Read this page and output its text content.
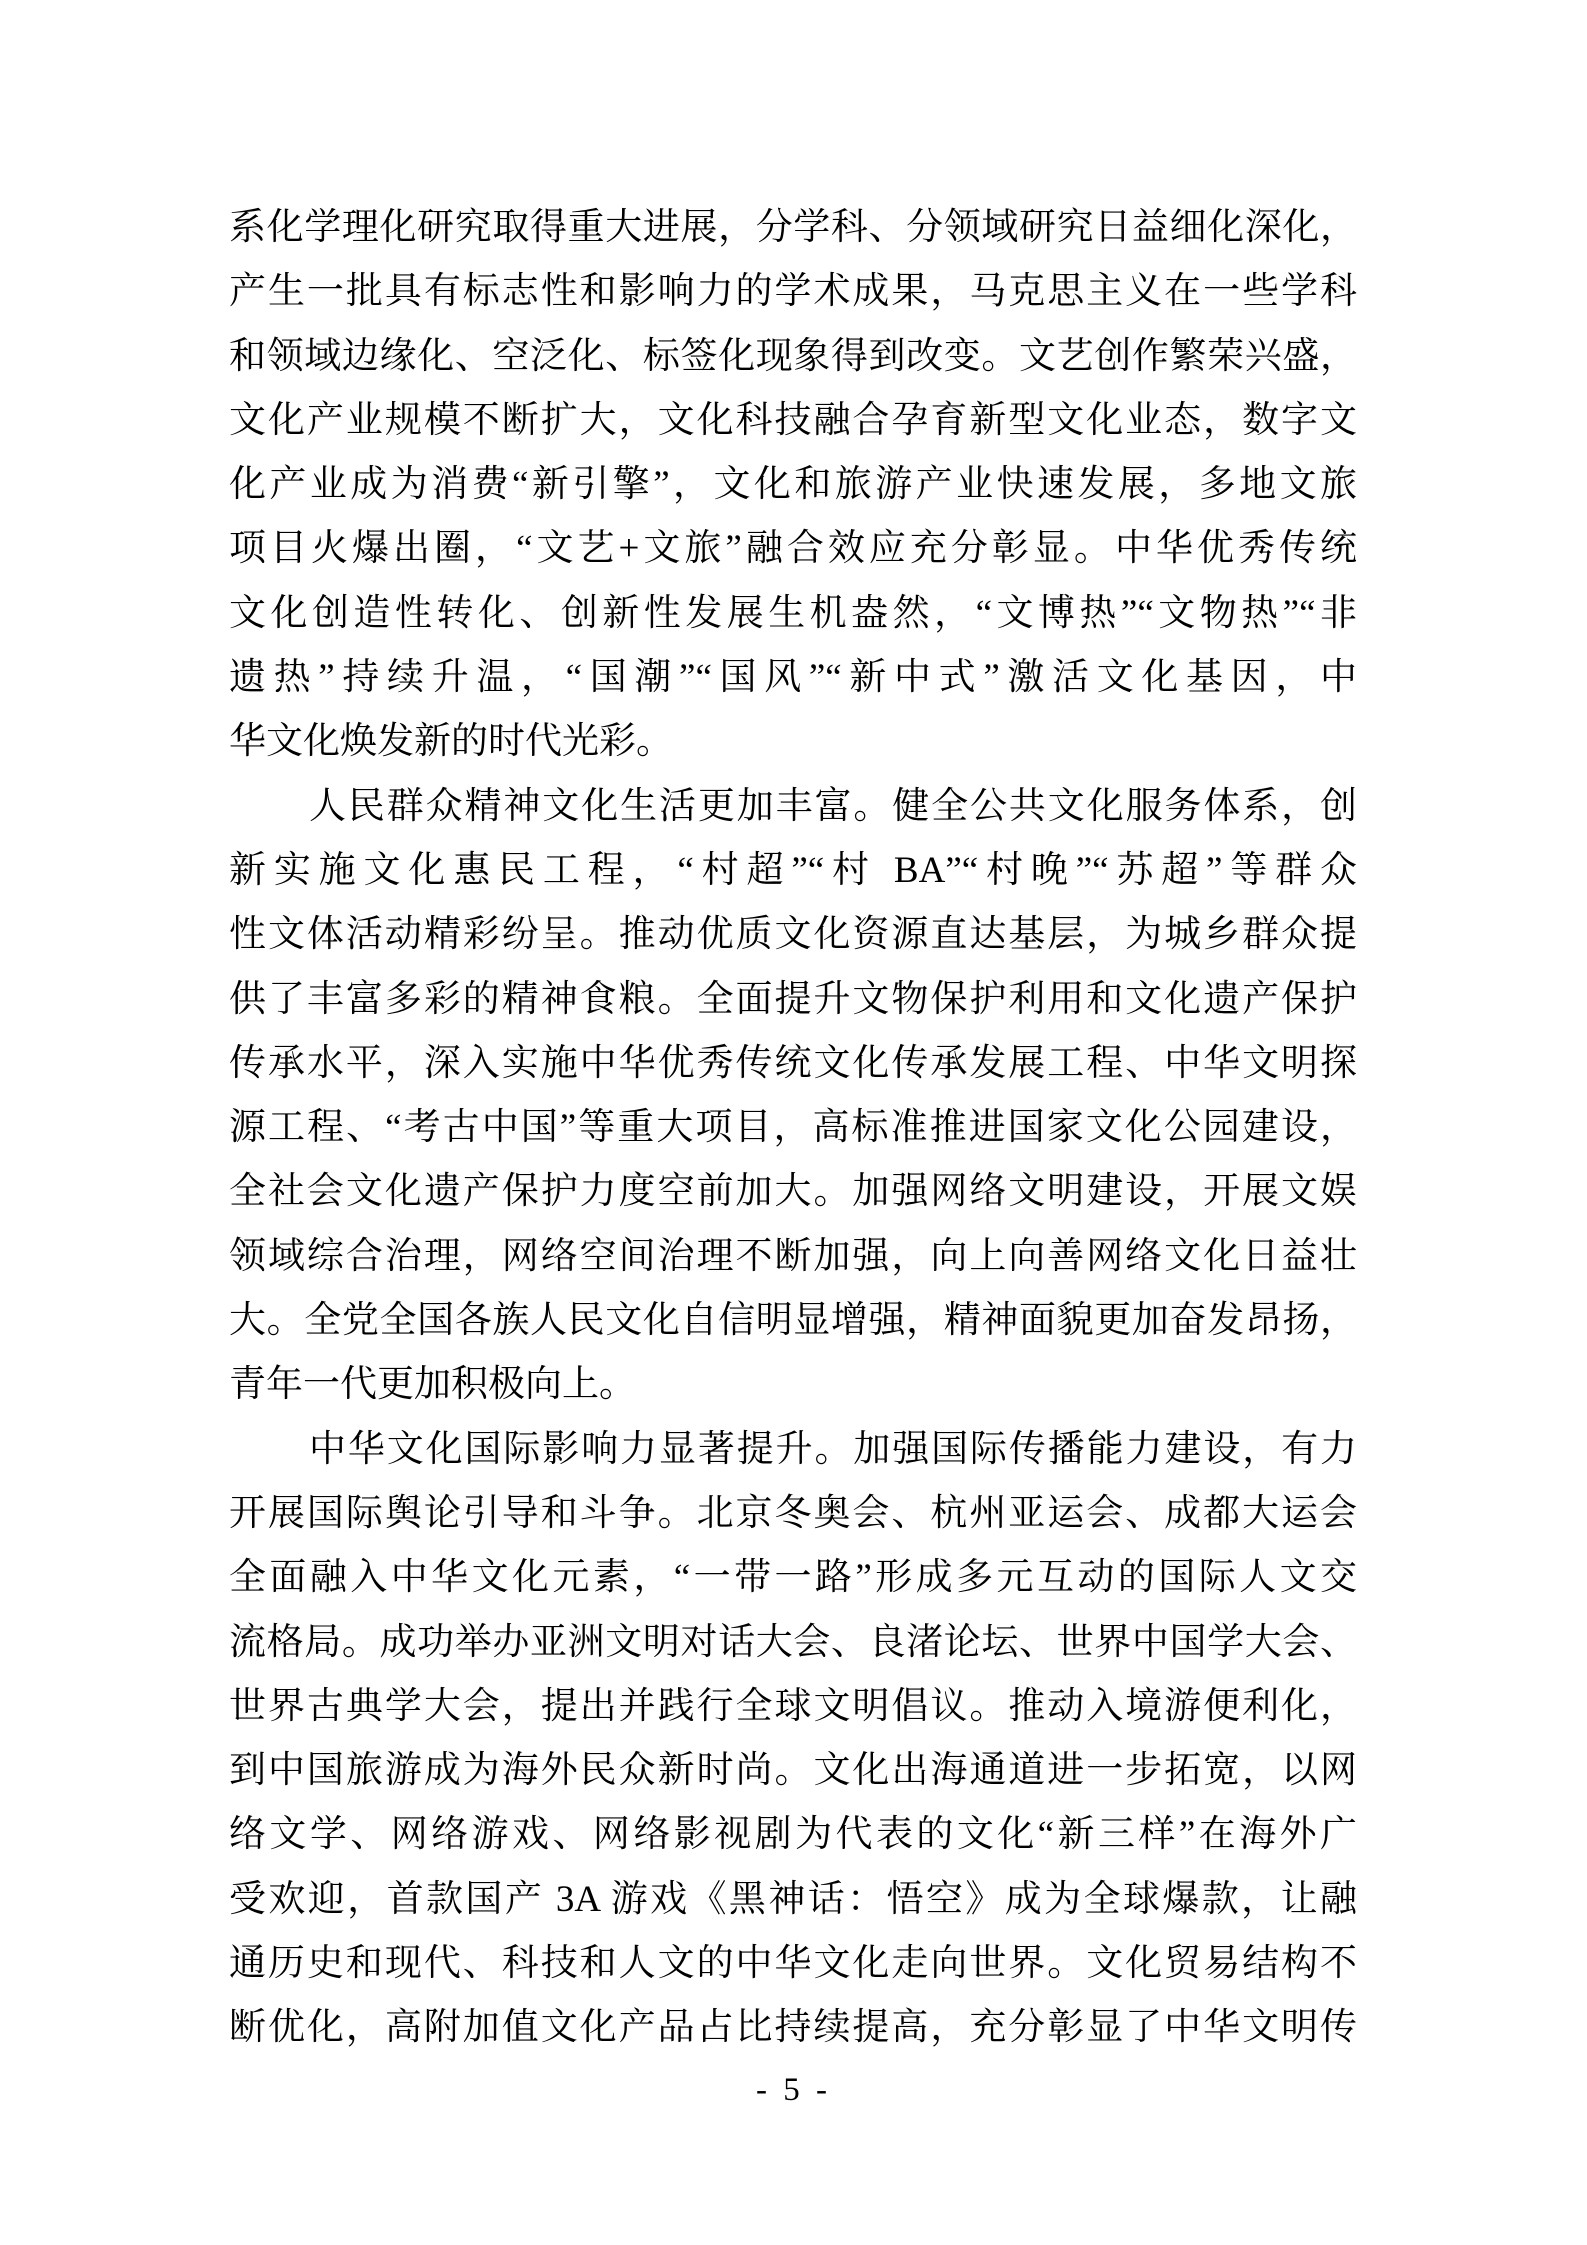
系化学理化研究取得重大进展，分学科、分领域研究日益细化深化，
产生一批具有标志性和影响力的学术成果，马克思主义在一些学科
和领域边缘化、空泛化、标签化现象得到改变。文艺创作繁荣兴盛，
文化产业规模不断扩大，文化科技融合孕育新型文化业态，数字文
化产业成为消费“新引擎”，文化和旅游产业快速发展，多地文旅
项目火爆出圈，“文艺+文旅”融合效应充分彰显。中华优秀传统
文化创造性转化、创新性发展生机盎然，“文博热”“文物热”“非
遗热”持续升温，“国潮”“国风”“新中式”激活文化基因，中
华文化焕发新的时代光彩。
人民群众精神文化生活更加丰富。健全公共文化服务体系，创
新实施文化惠民工程，“村超”“村 BA”“村晚”“苏超”等群众
性文体活动精彩纷呈。推动优质文化资源直达基层，为城乡群众提
供了丰富多彩的精神食粮。全面提升文物保护利用和文化遗产保护
传承水平，深入实施中华优秀传统文化传承发展工程、中华文明探
源工程、“考古中国”等重大项目，高标准推进国家文化公园建设，
全社会文化遗产保护力度空前加大。加强网络文明建设，开展文娱
领域综合治理，网络空间治理不断加强，向上向善网络文化日益壮
大。全党全国各族人民文化自信明显增强，精神面貌更加奋发昂扬，
青年一代更加积极向上。
中华文化国际影响力显著提升。加强国际传播能力建设，有力
开展国际舆论引导和斗争。北京冬奥会、杭州亚运会、成都大运会
全面融入中华文化元素，“一带一路”形成多元互动的国际人文交
流格局。成功举办亚洲文明对话大会、良渚论坛、世界中国学大会、
世界古典学大会，提出并践行全球文明倡议。推动入境游便利化，
到中国旅游成为海外民众新时尚。文化出海通道进一步拓宽，以网
络文学、网络游戏、网络影视剧为代表的文化“新三样”在海外广
受欢迎，首款国产 3A 游戏《黑神话：悟空》成为全球爆款，让融
通历史和现代、科技和人文的中华文化走向世界。文化贸易结构不
断优化，高附加值文化产品占比持续提高，充分彰显了中华文明传
- 5 -
